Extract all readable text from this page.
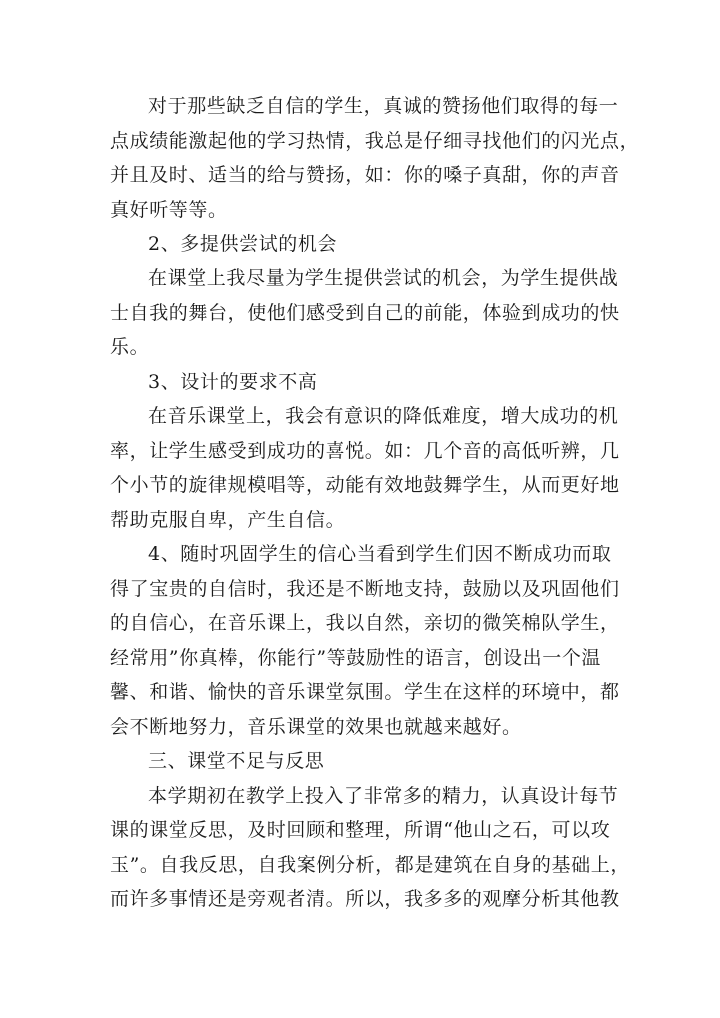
对于那些缺乏自信的学生，真诚的赞扬他们取得的每一
点成绩能激起他的学习热情，我总是仔细寻找他们的闪光点，
并且及时、适当的给与赞扬，如：你的嗓子真甜，你的声音
真好听等等。
2、多提供尝试的机会
在课堂上我尽量为学生提供尝试的机会，为学生提供战
士自我的舞台，使他们感受到自己的前能，体验到成功的快
乐。
3、设计的要求不高
在音乐课堂上，我会有意识的降低难度，增大成功的机
率，让学生感受到成功的喜悦。如：几个音的高低听辨，几
个小节的旋律规模唱等，动能有效地鼓舞学生，从而更好地
帮助克服自卑，产生自信。
4、随时巩固学生的信心当看到学生们因不断成功而取
得了宝贵的自信时，我还是不断地支持，鼓励以及巩固他们
的自信心，在音乐课上，我以自然，亲切的微笑棉队学生，
经常用”你真棒，你能行”等鼓励性的语言，创设出一个温
馨、和谐、愉快的音乐课堂氛围。学生在这样的环境中，都
会不断地努力，音乐课堂的效果也就越来越好。
三、课堂不足与反思
本学期初在教学上投入了非常多的精力，认真设计每节
课的课堂反思，及时回顾和整理，所谓“他山之石，可以攻
玉”。自我反思，自我案例分析，都是建筑在自身的基础上，
而许多事情还是旁观者清。所以，我多多的观摩分析其他教
